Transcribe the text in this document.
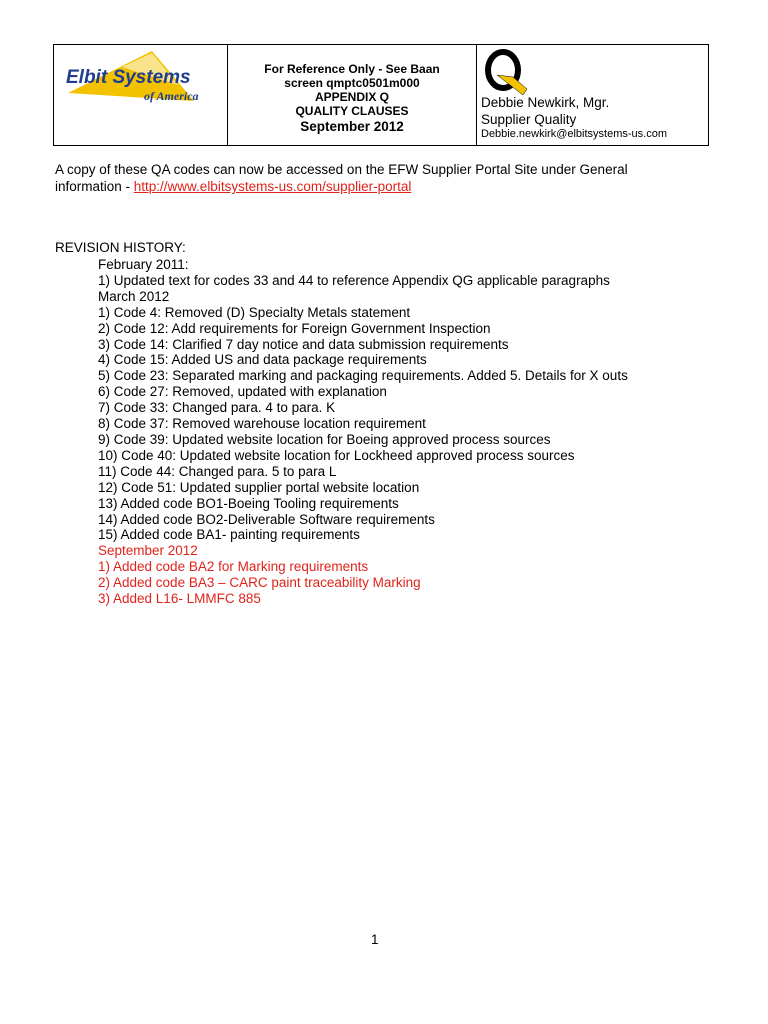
Elbit Systems
of America
For Reference Only - See Baan
screen qmptc0501m000
APPENDIX Q
QUALITY CLAUSES
September 2012
Debbie Newkirk, Mgr.
Supplier Quality
Debbie.newkirk@elbitsystems-us.com
A copy of these QA codes can now be accessed on the EFW Supplier Portal Site under General
information - http://www.elbitsystems-us.com/supplier-portal
REVISION HISTORY:
February 2011:
1) Updated text for codes 33 and 44 to reference Appendix QG applicable paragraphs
March 2012
1) Code 4: Removed (D) Specialty Metals statement
2) Code 12: Add requirements for Foreign Government Inspection
3) Code 14: Clarified 7 day notice and data submission requirements
4) Code 15: Added US and data package requirements
5) Code 23: Separated marking and packaging requirements. Added 5. Details for X outs
6) Code 27: Removed, updated with explanation
7) Code 33: Changed para. 4 to para. K
8) Code 37: Removed warehouse location requirement
9) Code 39: Updated website location for Boeing approved process sources
10) Code 40: Updated website location for Lockheed approved process sources
11) Code 44: Changed para. 5 to para L
12) Code 51: Updated supplier portal website location
13) Added code BO1-Boeing Tooling requirements
14) Added code BO2-Deliverable Software requirements
15) Added code BA1- painting requirements
September 2012
1) Added code BA2 for Marking requirements
2) Added code BA3 – CARC paint traceability Marking
3) Added L16- LMMFC 885
1
